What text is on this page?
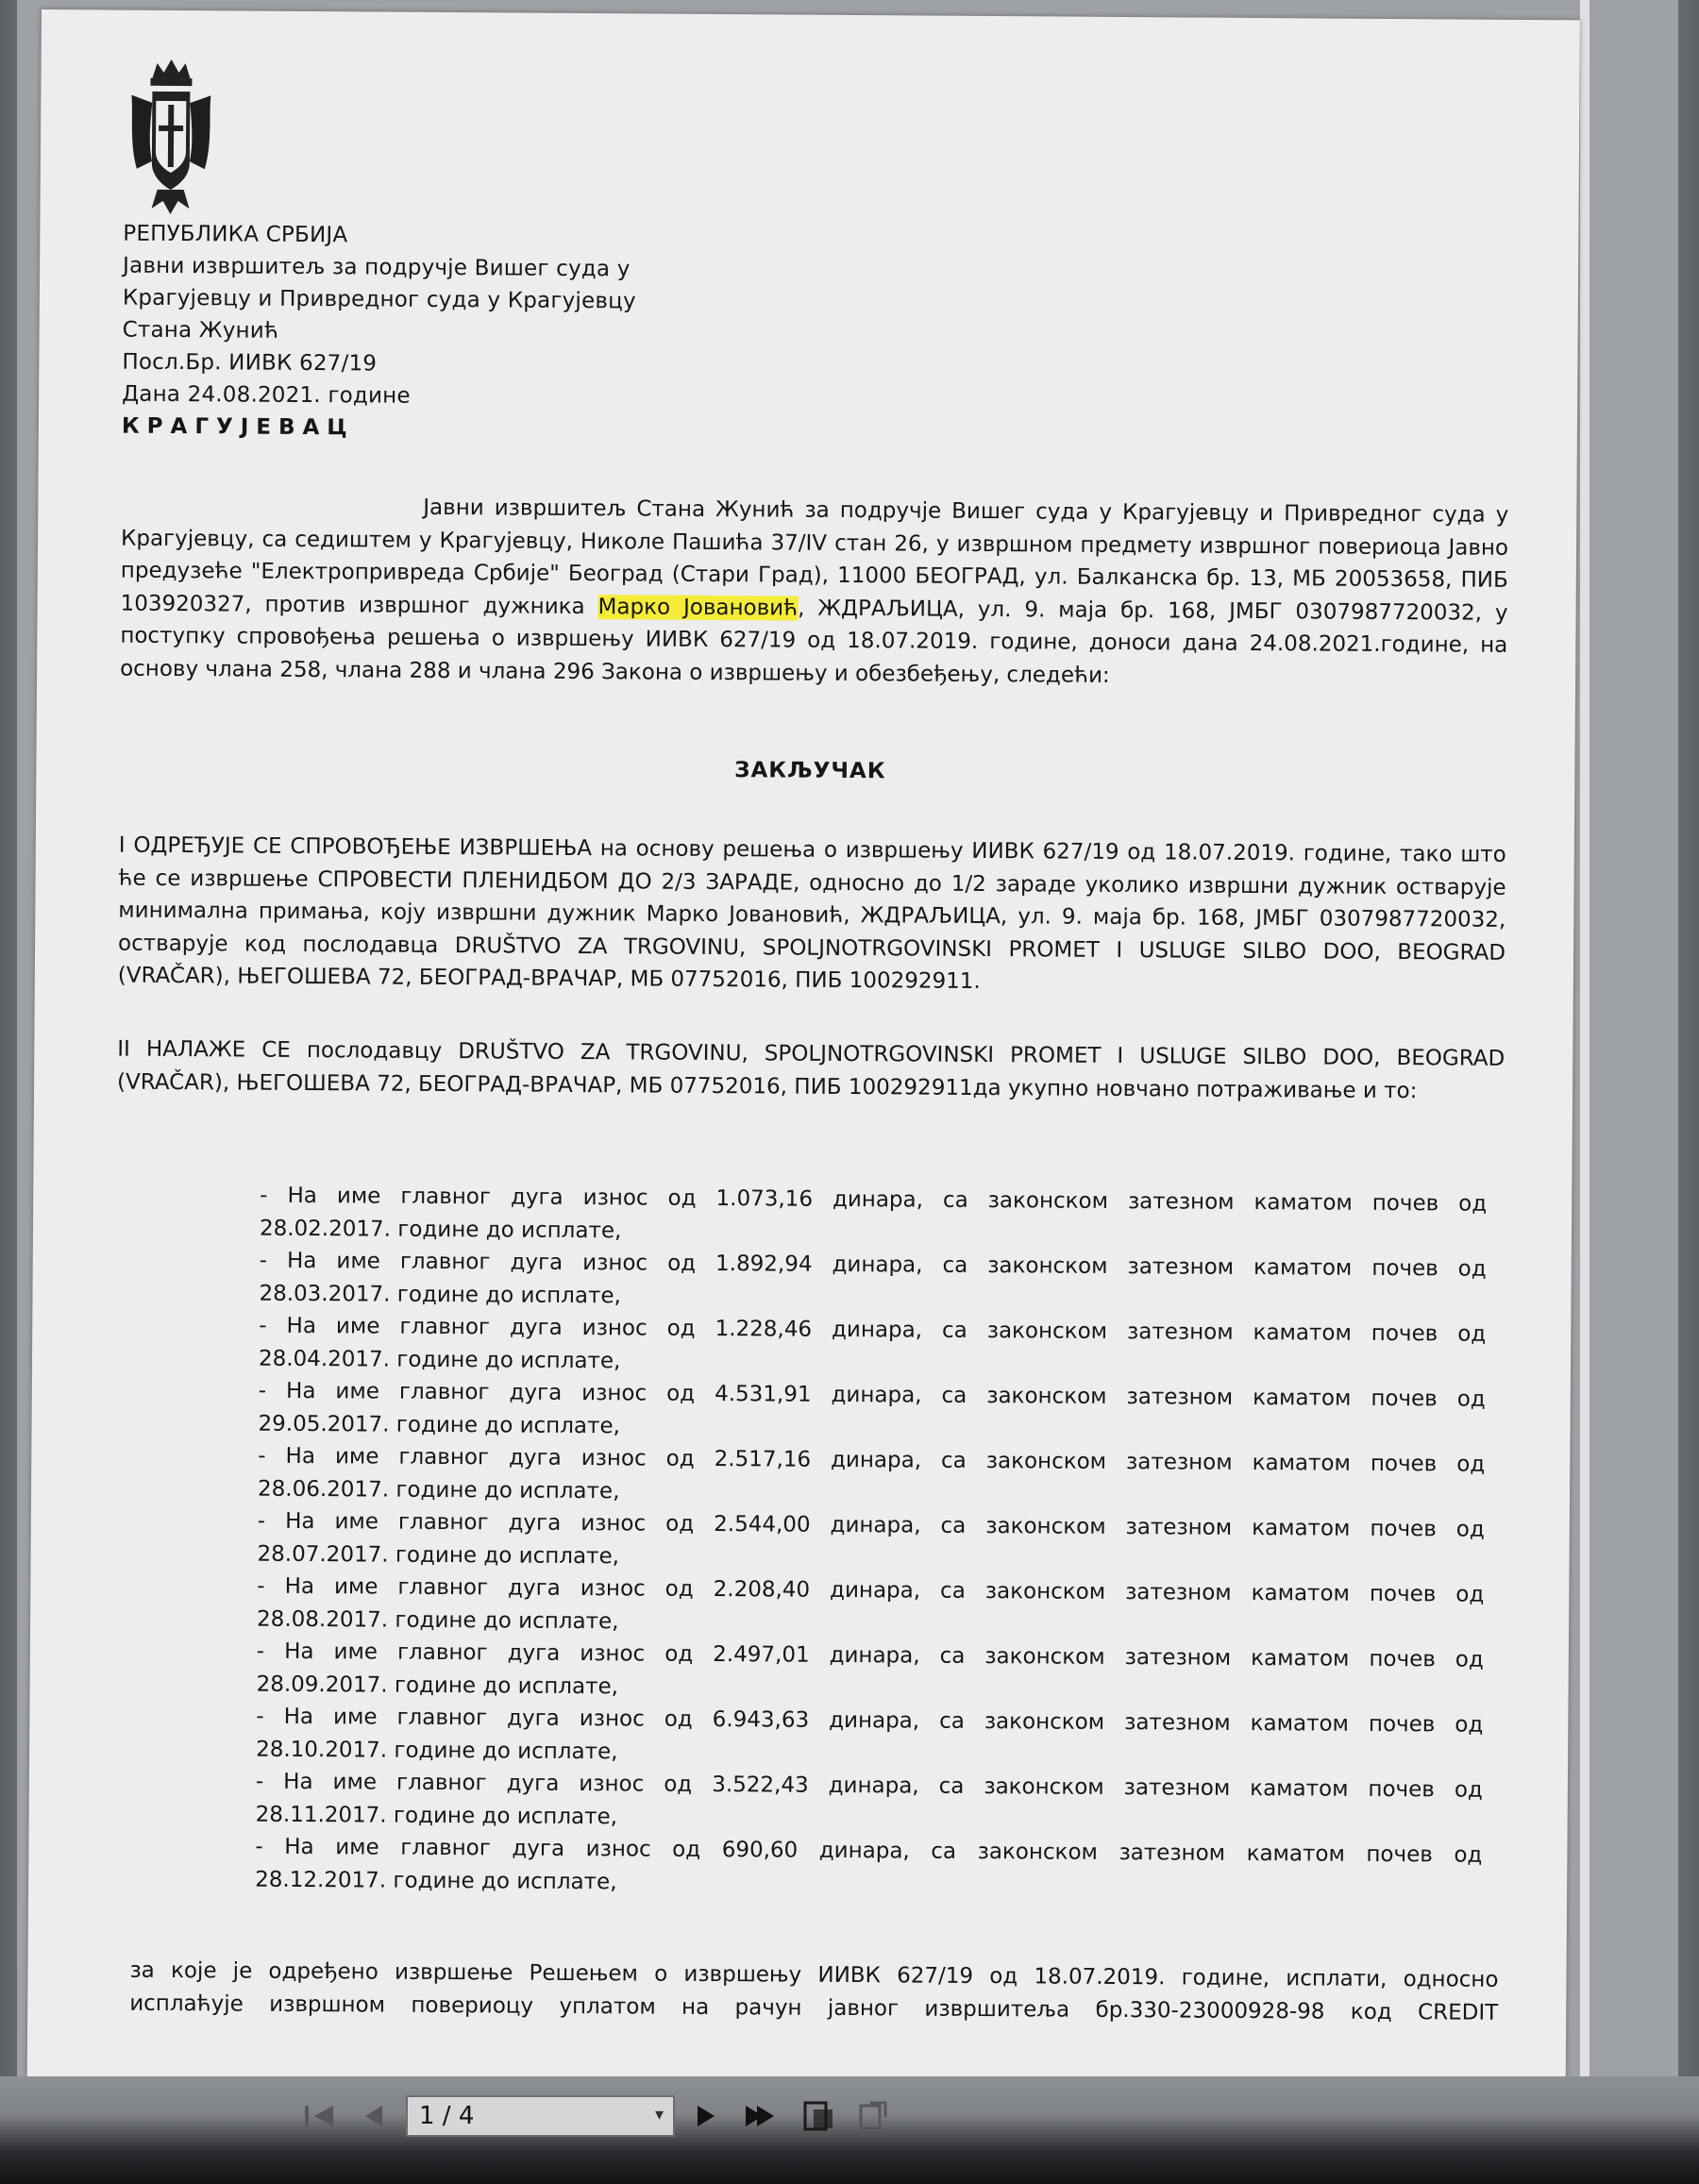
РЕПУБЛИКА СРБИЈА
Јавни извршитељ за подручје Вишег суда у
Крагујевцу и Привредног суда у Крагујевцу
Стана Жунић
Посл.Бр. ИИВК 627/19
Дана 24.08.2021. године
КРАГУЈЕВАЦ

Јавни извршитељ Стана Жунић за подручје Вишег суда у Крагујевцу и Привредног суда у Крагујевцу, са седиштем у Крагујевцу, Николе Пашића 37/IV стан 26, у извршном предмету извршног повериоца Јавно предузеће "Електропривреда Србије" Београд (Стари Град), 11000 БЕОГРАД, ул. Балканска бр. 13, МБ 20053658, ПИБ 103920327, против извршног дужника Марко Јовановић, ЖДРАЉИЦА, ул. 9. маја бр. 168, ЈМБГ 0307987720032, у поступку спровођења решења о извршењу ИИВК 627/19 од 18.07.2019. године, доноси дана 24.08.2021.године, на основу члана 258, члана 288 и члана 296 Закона о извршењу и обезбеђењу, следећи:

ЗАКЉУЧАК
I ОДРЕЂУЈЕ СЕ СПРОВОЂЕЊЕ ИЗВРШЕЊА на основу решења о извршењу ИИВК 627/19 од 18.07.2019. године, тако што ће се извршење СПРОВЕСТИ ПЛЕНИДБОМ ДО 2/3 ЗАРАДЕ, односно до 1/2 зараде уколико извршни дужник остварује минимална примања, коју извршни дужник Марко Јовановић, ЖДРАЉИЦА, ул. 9. маја бр. 168, ЈМБГ 0307987720032, остварује код послодавца DRUŠTVO ZA TRGOVINU, SPOLJNOTRGOVINSKI PROMET I USLUGE SILBO DOO, BEOGRAD (VRAČAR), ЊЕГОШЕВА 72, БЕОГРАД-ВРАЧАР, МБ 07752016, ПИБ 100292911.
II НАЛАЖЕ СЕ послодавцу DRUŠTVO ZA TRGOVINU, SPOLJNOTRGOVINSKI PROMET I USLUGE SILBO DOO, BEOGRAD (VRAČAR), ЊЕГОШЕВА 72, БЕОГРАД-ВРАЧАР, МБ 07752016, ПИБ 100292911да укупно новчано потраживање и то:
- На име главног дуга износ од 1.073,16 динара, са законском затезном каматом почев од
28.02.2017. године до исплате,
- На име главног дуга износ од 1.892,94 динара, са законском затезном каматом почев од
28.03.2017. године до исплате,
- На име главног дуга износ од 1.228,46 динара, са законском затезном каматом почев од
28.04.2017. године до исплате,
- На име главног дуга износ од 4.531,91 динара, са законском затезном каматом почев од
29.05.2017. године до исплате,
- На име главног дуга износ од 2.517,16 динара, са законском затезном каматом почев од
28.06.2017. године до исплате,
- На име главног дуга износ од 2.544,00 динара, са законском затезном каматом почев од
28.07.2017. године до исплате,
- На име главног дуга износ од 2.208,40 динара, са законском затезном каматом почев од
28.08.2017. године до исплате,
- На име главног дуга износ од 2.497,01 динара, са законском затезном каматом почев од
28.09.2017. године до исплате,
- На име главног дуга износ од 6.943,63 динара, са законском затезном каматом почев од
28.10.2017. године до исплате,
- На име главног дуга износ од 3.522,43 динара, са законском затезном каматом почев од
28.11.2017. године до исплате,
- На име главног дуга износ од 690,60 динара, са законском затезном каматом почев од
28.12.2017. године до исплате,
за које је одређено извршење Решењем о извршењу ИИВК 627/19 од 18.07.2019. године, исплати, односно
исплаћује извршном повериоцу уплатом на рачун јавног извршитеља бр.330-23000928-98 код CREDIT
1 / 4	▾
